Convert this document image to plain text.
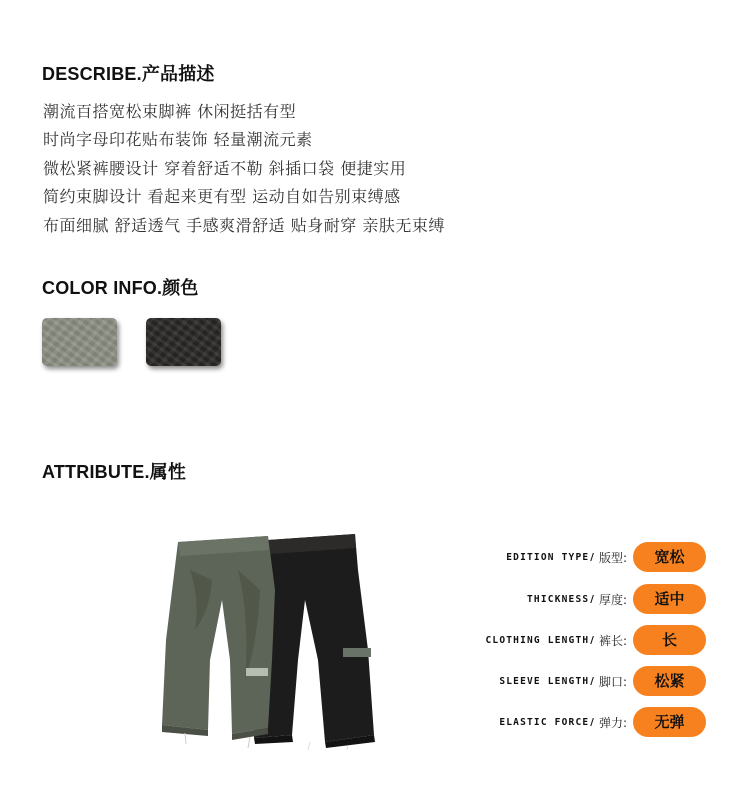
DESCRIBE.产品描述
潮流百搭宽松束脚裤 休闲挺括有型
时尚字母印花贴布装饰 轻量潮流元素
微松紧裤腰设计 穿着舒适不勒 斜插口袋 便捷实用
简约束脚设计 看起来更有型 运动自如告别束缚感
布面细腻 舒适透气 手感爽滑舒适 贴身耐穿 亲肤无束缚
COLOR INFO.颜色
ATTRIBUTE.属性
EDITION TYPE / 版型:	宽松
THICKNESS / 厚度:	适中
CLOTHING LENGTH / 裤长:	长
SLEEVE LENGTH / 脚口:	松紧
ELASTIC FORCE / 弹力:	无弹
